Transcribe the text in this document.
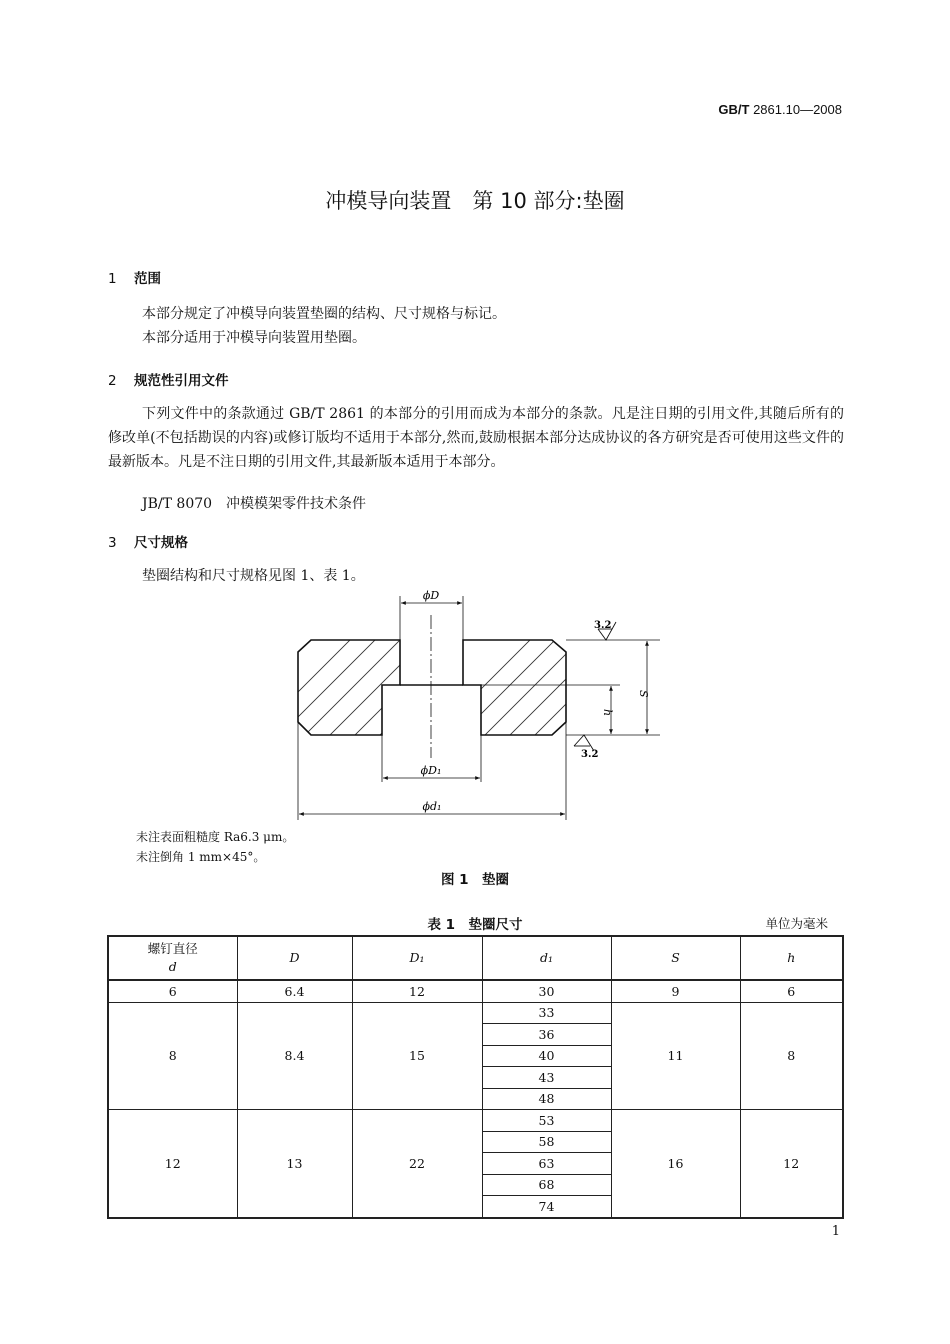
GB/T 2861.10—2008
冲模导向装置　第 10 部分:垫圈
1 范围
本部分规定了冲模导向装置垫圈的结构、尺寸规格与标记。
本部分适用于冲模导向装置用垫圈。
2 规范性引用文件
下列文件中的条款通过 GB/T 2861 的本部分的引用而成为本部分的条款。凡是注日期的引用文件,其随后所有的修改单(不包括勘误的内容)或修订版均不适用于本部分,然而,鼓励根据本部分达成协议的各方研究是否可使用这些文件的最新版本。凡是不注日期的引用文件,其最新版本适用于本部分。
JB/T 8070　冲模模架零件技术条件
3 尺寸规格
垫圈结构和尺寸规格见图 1、表 1。
3.2
3.2
ϕD
ϕD₁
ϕd₁
S
h
未注表面粗糙度 Ra6.3 μm。
未注倒角 1 mm×45°。
图 1　垫圈
表 1　垫圈尺寸	单位为毫米
螺钉直径
d	D	D₁	d₁	S	h
6	6.4	12	30	9	6
8	8.4	15	33	11	8
			36		
			40		
			43		
			48		
12	13	22	53	16	12
			58		
			63		
			68		
			74		
1
